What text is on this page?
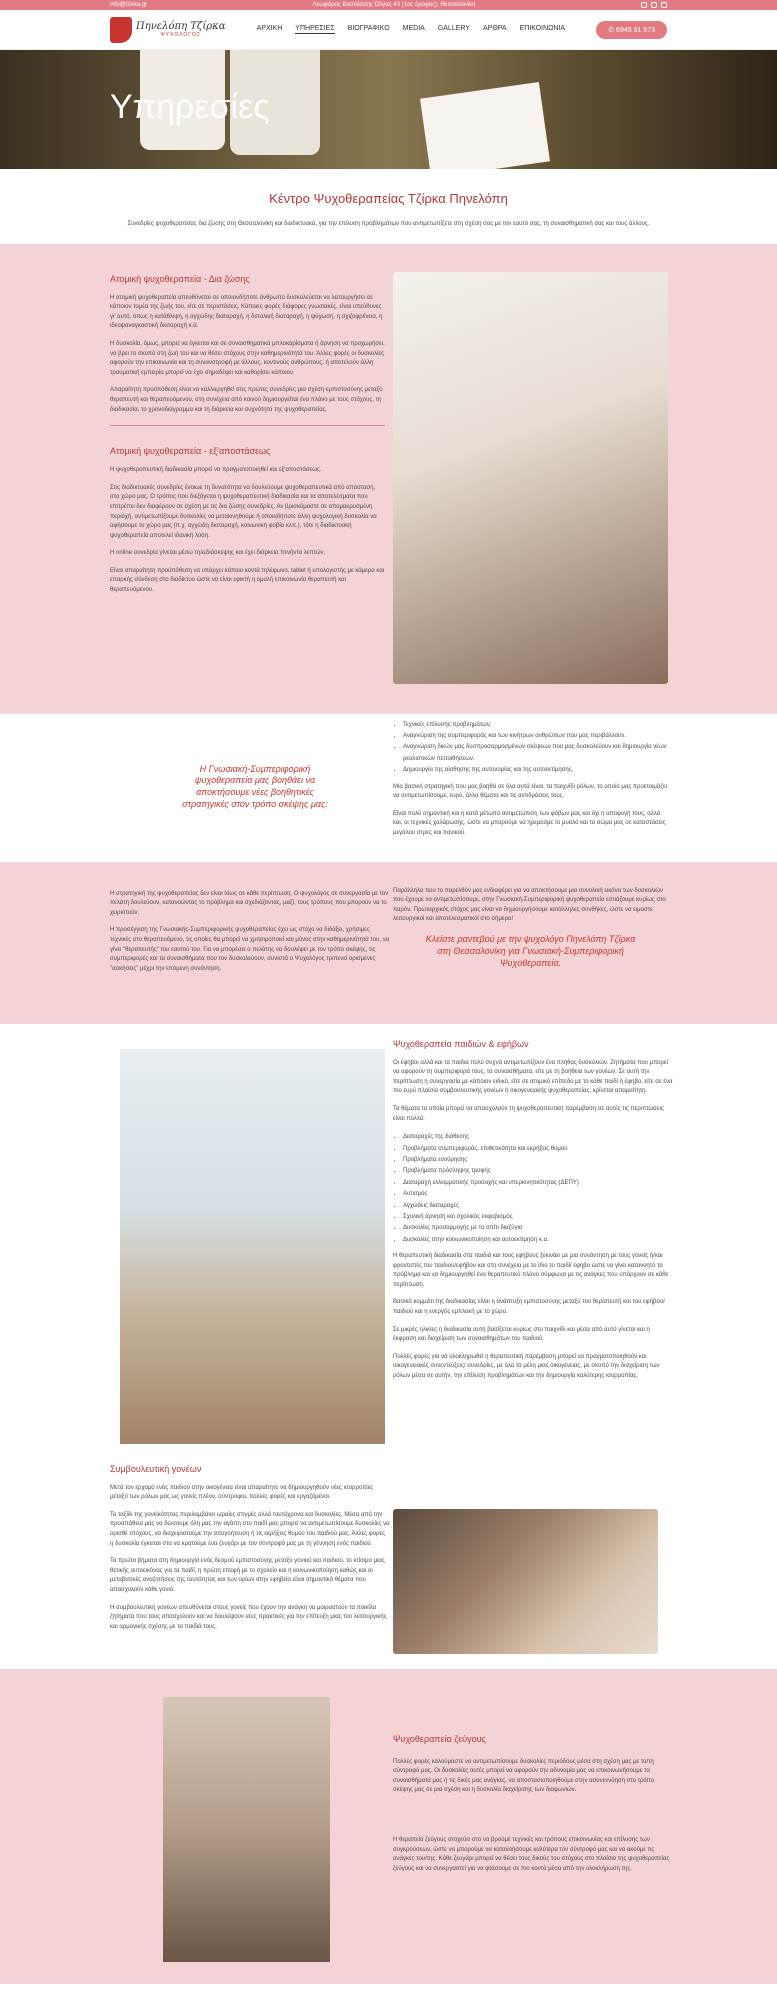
info@tzirka.gr	Λεωφόρος Βασιλίσσης Όλγας 43 (1ος όροφος), Θεσσαλονίκη
Πηνελόπη Τζίρκα
ΨΥΧΟΛΟΓΟΣ
ΑΡΧΙΚΗ ΥΠΗΡΕΣΙΕΣ ΒΙΟΓΡΑΦΙΚΟ MEDIA GALLERY ΑΡΘΡΑ ΕΠΙΚΟΙΝΩΝΙΑ	✆ 6945 91 573
Υπηρεσίες
Κέντρο Ψυχοθεραπείας Τζίρκα Πηνελόπη

Συνεδρίες ψυχοθεραπείας δια ζώσης στη Θεσσαλονίκη και διαδικτυακά, για την επίλυση προβλημάτων που αντιμετωπίζετε στη σχέση σας με τον εαυτό σας, τη συναισθηματική σας και τους άλλους.

Ατομική ψυχοθεραπεία - Δια ζώσης

Η ατομική ψυχοθεραπεία απευθύνεται σε οποιονδήποτε άνθρωπο δυσκολεύεται να λειτουργήσει σε κάποιον τομέα της ζωής του, είτε σε περιστάσεις. Κάποιες φορές διάφορες γνωσιακές, είναι υπεύθυνες γι' αυτό, όπως η κατάθλιψη, η αγχώδης διαταραχή, η διπολική διαταραχή, η ψύχωση, η σχιζοφρένεια, η ιδεοψαναγκαστική διαταραχή κ.ά.

Η δυσκολία, όμως, μπορεί να έγκειται και σε συναισθηματικά μπλοκαρίσματα ή άρνηση να προχωρήσει, να βρει το σκοπό στη ζωή του και να θέσει στόχους στην καθημερινότητά του. Άλλες φορές οι δυσκολίες αφορούν την επικοινωνία και τη συνανστροφή με άλλους, κοντινούς ανθρώπους, ή αποτελούν άλλη τραυματική εμπειρία μπορεί να έχει σημαδέψει και καθορίσει κάποιον.

Απαραίτητη προϋπόθεση είναι να καλλιεργηθεί στις πρώτες συνεδρίες μια σχέση εμπιστοσύνης μεταξύ θεραπευτή και θεραπευόμενου, στη συνέχεια από κοινού δημιουργείται ένα πλάνο με τους στόχους, τη διαδικασία, το χρονοδιάγραμμα και τη διάρκεια και συχνότητα της ψυχοθεραπείας.

Ατομική ψυχοθεραπεία - εξ'αποστάσεως

Η ψυχοθεραπευτική διαδικασία μπορεί να πραγματοποιηθεί και εξ'αποστάσεως.

Στις διαδικτυακές συνεδρίες ένοιωε τη δυνατότητα να δουλεύουμε ψυχοθεραπευτικά από απόσταση, στο χώρο μας. Ο τρόπος που διεξάγεται η ψυχοθεραπευτική διαδικασία και τα αποτελέσματα που επιτρέπει δεν διαφέρουν σε σχέση με τις δια ζώσης συνεδρίες. Αν βρισκόμαστε σε απομακρυσμένη περιοχή, αντιμετωπίζουμε δυσκολίες να μετακινηθούμε ή οποιαδήποτε άλλη ψυχολογική δυσκολία να αφήσουμε το χώρο μας (π.χ. αγχώδη διαταραχή, κοινωνική φοβία κλπ.), τότε η διαδικτυακή ψυχοθεραπεία αποτελεί ιδανική λύση.

Η online συνεδρία γίνεται μέσω τηλεδιάσκεψης και έχει διάρκεια πενήντα λεπτών.

Είναι απαραίτητη προϋπόθεση να υπάρχει κάποιο κοντά τηλέφωνο, tablet ή υπολογιστής με κάμερα και επαρκής σύνδεση στο διαδίκτυο ώστε να είναι εφικτή η ομαλή επικοινωνία θεραπευτή και θεραπευόμενου.

Η Γνωσιακή-Συμπεριφορική ψυχοθεραπεία μας βοηθάει να αποκτήσουμε νέες βοηθητικές στρατηγικές στον τρόπο σκέψης μας:
• Τεχνικές επίλυσης προβλημάτων.
• Αναγνώριση της συμπεριφοράς και των κινήτρων ανθρώπων που μας περιβάλλουν.
• Αναγνώριση δικών μας δυσπροσαρμοσμένων σκέψεων που μας δυσκολεύουν και δημιουργία νέων ρεαλιστικών πεποιθήσεων.
• Δημιουργία της αίσθησης της αυτονομίας και της αυτοεκτίμησης.

Μια βασική στρατηγική που μας βοηθά σε όλα αυτά είναι, τα παιχνίδι ρόλων, το οποίο μας προετοιμάζει να αντιμετωπίσουμε, ευρύ, άλλα θέματα και τις αντιδράσεις τους.

Είναι πολύ σημαντική και η κατά μέτωπο αντιμετώπιση των φόβων μας και όχι η αποφυγή τους, αλλά και, οι τεχνικές χαλάρωσης, ώστε να μπορούμε να ηρεμούμε το μυαλό και το σώμα μας σε καταστάσεις μεγάλου στρες και πανικού.

Η στρατηγική της ψυχοθεραπείας δεν είναι ίσως σε κάθε περίπτωση. Ο ψυχολόγος σε συνεργασία με τον πελάτη δουλεύουν, κατανοώντας το πρόβλημα και σχεδιάζοντας, μαζί, τους τρόπους που μπορούν να το χειριστούν.

Η προσέγγιση της Γνωσιακής-Συμπεριφορικής ψυχοθεραπείας έχει ως στόχο να διδάξει, χρήσιμες τεχνικές στο θεραπευόμενο, τις οποίες θα μπορεί να χρησιμοποιεί και μόνος στην καθημερινότητά του, να γίνει "θεραπευτής" του εαυτού του. Για να μπορέσει ο πελάτης να δουλέψει με τον τρόπο σκέψης, τις συμπεριφορές και τα συναισθήματα που τον δυσκολεύουν, συνιστά ο Ψυχολόγος τριπενεί ορισμένες "ασκήσεις" μέχρι την επόμενη συνάντηση.

Παράλληλα που το παρελθόν μας ενδιαφέρει για να αποκτήσουμε μια συνολική εικόνα των δυσκολιών που έχουμε να αντιμετωπίσουμε, στην Γνωσιακή-Συμπεριφορική ψυχοθεραπεία εστιάζουμε κυρίως στο παρόν. Πρωταρχικός στόχος μας είναι να δημιουργήσουμε κατάλληλες συνθήκες, ώστε να ειμαστε λειτουργικοί και αποτελεσματικοί στο σήμερα!

Κλείστε ραντεβού με την ψυχολόγο Πηνελόπη Τζίρκα στη Θεσσαλονίκη για Γνωσιακή-Συμπεριφορική Ψυχοθεραπεία.

Ψυχοθεραπεία παιδιών & εφήβων

Οι έφηβοι αλλά και τα παιδιά πολύ συχνά αντιμετωπίζουν ένα πλήθος δυσκολιών. Ζητήματα που μπορεί να αφορούν τη συμπεριφορά τους, τα συναισθήματα, είτε με τη βοήθεια των γονέων. Σε αυτή την περίπτωση η συνεργασία με κάποιον ειδικό, είτε σε ατομικό επίπεδο με το κάθε παιδί ή έφηβο, είτε σε ένα πιο ευρύ πλαίσιο συμβουλευτικής γονέων ή οικογενειακής ψυχοθεραπείας, κρίνεται απαραίτητη.

Τα θέματα τα οποία μπορεί να απασχολούν τη ψυχοθεραπευτική παρέμβαση σε αυτές τις περιπτώσεις είναι πολλά:

• Διαταραχές της διάθεσης
• Προβλήματα συμπεριφοράς, επιθετικότητα και εκρήξεις θυμού
• Προβλήματα ενούρησης
• Προβλήματα πρόσληψης τροφής
• Διαταραχή ελλειμματικής προσοχής και υπερκινητικότητας (ΔΕΠΥ)
• Αυτισμός
• Αγχώδεις διαταραχές
• Σχολική άρνηση και σχολικός εκφοβισμός
• Δυσκολίες προσαρμογής με το σπίτι διαζύγιο
• Δυσκολίες στην κοινωνικοποίηση και αυτοεκτίμηση κ.α.

Η θεραπευτική διαδικασία στα παιδιά και τους εφήβους ξεκινάει με μια συνάντηση με τους γονείς ή/και φροντιστές του παιδιού/εφήβου και στη συνέχεια με το ίδιο το παιδί/ έφηβο ώστε να γίνει κατανοητό το πρόβλημα και να δημιουργηθεί ένα θεραπευτικό πλάνο σύμφωνα με τις ανάγκες που υπάρχουν σε κάθε περίπτωση.

Βασικό κομμάτι της διαδικασίας είναι η ανάπτυξη εμπιστοσύνης μεταξύ του θεραπευτή και του εφήβου/παιδιού και η ενεργός εμπλοκή με το χώρο.

Σε μικρές ηλικίες η διαδικασία αυτή βασίζεται κυρίως στο παιχνίδι και μέσα από αυτό γίνεται και η έκφραση και διαχείριση των συναισθημάτων του παιδιού.

Πολλές φορές για να ολοκληρωθεί η θεραπευτική παρέμβαση μπορεί να πραγματοποιηθούν και οικογενειακές συνεντεύξεις/ συνεδρίες, με όλα τα μέλη μιας οικογένειας, με σκοπό την διαχείριση των ρόλων μέσα σε αυτήν, την επίλυση προβλημάτων και την δημιουργία καλύτερης ισορροπίας.

Συμβουλευτική γονέων

Μετά τον ερχομό ενός παιδιού στην οικογένεια είναι απαραίτητο να δημιουργηθούν νέες ισορροπίες μεταξύ των ρόλων μας ως γονείς πλέον, σύντροφοι, πολλές φορές και εργαζόμενοι.

Το ταξίδι της γονεϊκότητας περιλαμβάνει ωραίες στιγμές αλλά ταυτόχρονα και δυσκολίες. Μέσα από την προσπάθεια μας να δώσουμε όλη μας την αγάπη στο παιδί μας μπορεί να αντιμετωπίσουμε δυσκολίες να ορισθέ στόχους, να διαχειριστούμε την απογοήτευση ή τις εκρήξεις θυμού του παιδιού μας. Άλλες φορές η δυσκολία έγκειται στα να κρατούμε ένα ζευγάρι με τον σύντροφό μας με τη γέννηση ενός παιδιού.

Τα πρώτα βήματα στη δημιουργία ενός δεσμού εμπιστοσύνης μεταξύ γονιού και παιδιού, το κτίσιμο μιας θετικής αυτοεικόνας για τα παιδί, η πρώτη επαφή με το σχολείο και η κοινωνικοποίηση καθώς και οι μεταβατικές αναζητήσεις της ταυτότητας και των ορίων στην εφηβεία είναι σημαντικά θέματα που απασχολούν κάθε γονιό.

Η συμβουλευτική γονέων απευθύνεται στους γονείς που έχουν την ανάγκη να μοιραστούν τα ποικίλα ζητήματα που τους απασχολούν και να δουλέψουν νέες πρακτικές για την επίτευξη μιας πιο λειτουργικής και αρμονικής σχέσης με τα παιδιά τους.

Ψυχοθεραπεία ζεύγους

Πολλές φορές καλούμαστε να αντιμετωπίσουμε δυσκολίες περιόδους μέσα στη σχέση μας με το/τη σύντροφό μας. Οι δυσκολίες αυτές μπορεί να αφορούν την αδυναμία μας να επικοινωνήσουμε τα συναισθήματά μας ή τις δικές μας ανάγκες, να αποστασιοποιηθούμε στην ασυνεννόηση στο τρόπο σκέψης μας σε μια σχέση και η δυσκολία διαχείρισης των διαφωνιών.

Η θεραπεία ζεύγους στοχεύει στο να βρούμε τεχνικές και τρόπους επικοινωνίας και επίλυσης των συγκρούσεων, ώστε να μπορούμε να κατανοήσουμε καλύτερα τον σύντροφό μας και να ακούμε τις ανάγκες του/της. Κάθε ζευγάρι μπορεί να θέσει τους δικούς του στόχους στο πλαίσιο της ψυχοθεραπείας ζεύγους και να συνεργαστεί για να φτάσουμε σε πιο κοντά μέσα από την ολοκλήρωση της.
